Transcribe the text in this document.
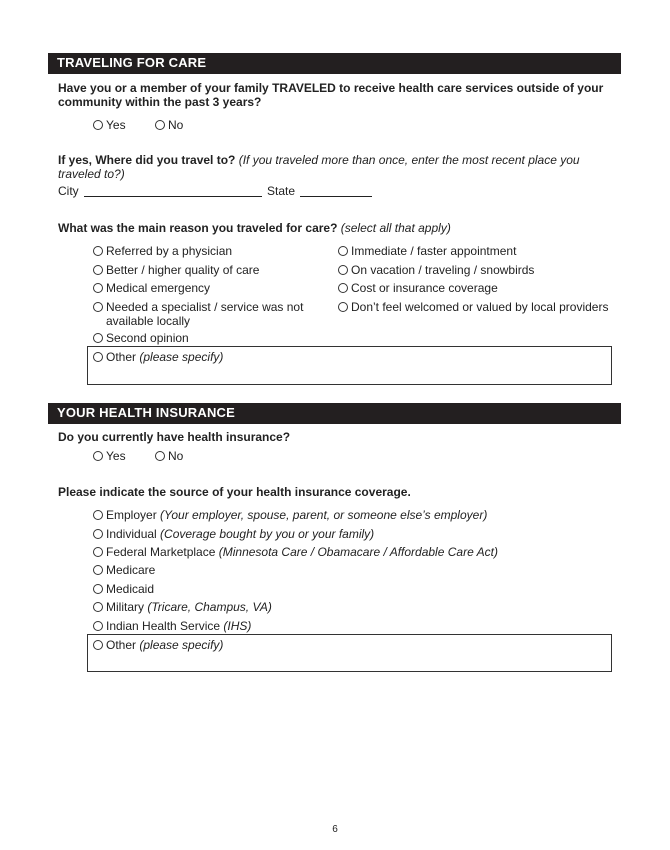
TRAVELING FOR CARE
Have you or a member of your family TRAVELED to receive health care services outside of your community within the past 3 years?
Yes	No
If yes, Where did you travel to? (If you traveled more than once, enter the most recent place you traveled to?)
City	State
What was the main reason you traveled for care? (select all that apply)
Referred by a physician
Better / higher quality of care
Medical emergency
Needed a specialist / service was not available locally
Second opinion
Immediate / faster appointment
On vacation / traveling / snowbirds
Cost or insurance coverage
Don’t feel welcomed or valued by local providers
Other (please specify)
YOUR HEALTH INSURANCE
Do you currently have health insurance?
Yes	No
Please indicate the source of your health insurance coverage.
Employer (Your employer, spouse, parent, or someone else’s employer)
Individual (Coverage bought by you or your family)
Federal Marketplace (Minnesota Care / Obamacare / Affordable Care Act)
Medicare
Medicaid
Military (Tricare, Champus, VA)
Indian Health Service (IHS)
Other (please specify)
6
